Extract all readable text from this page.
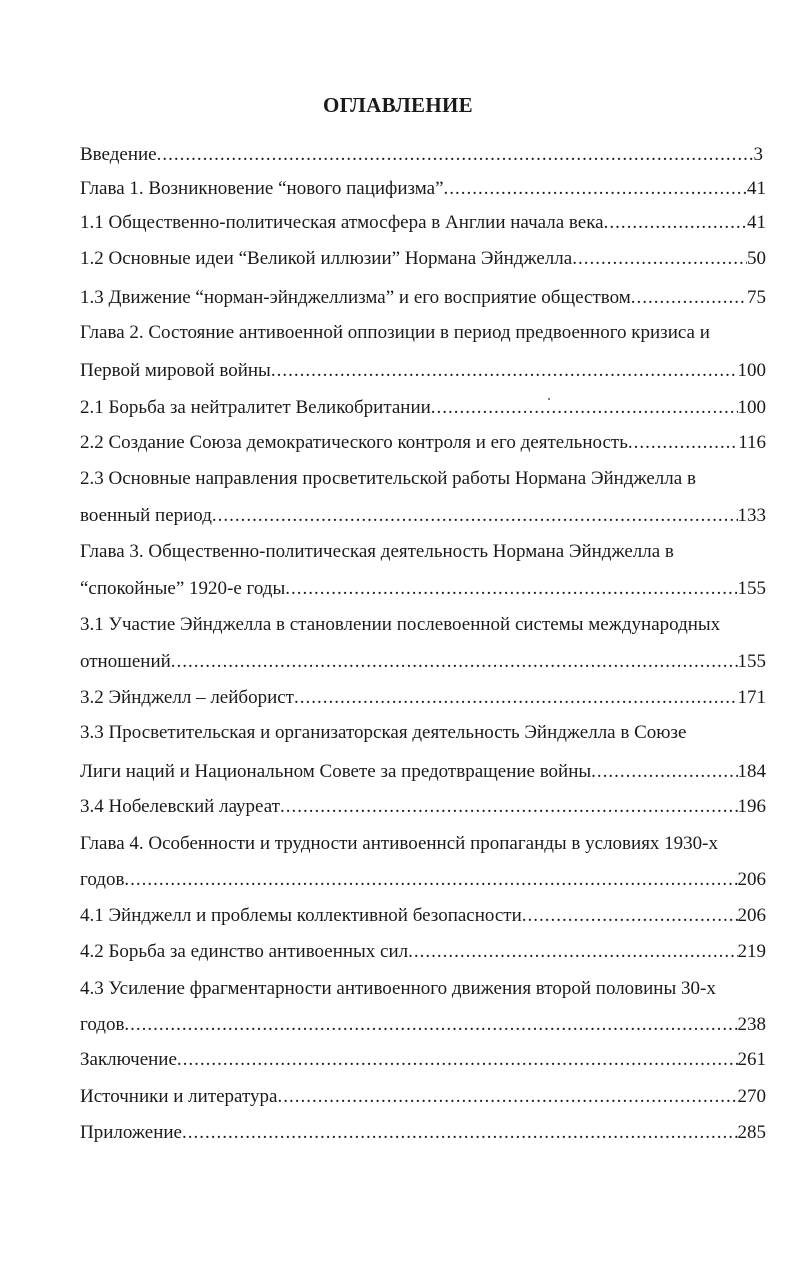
ОГЛАВЛЕНИЕ
Введение .....	3
Глава 1. Возникновение “нового пацифизма” .....	41
1.1 Общественно-политическая атмосфера в Англии начала века .....	41
1.2 Основные идеи “Великой иллюзии” Нормана Эйнджелла .....	50
1.3 Движение “норман-эйнджеллизма” и его восприятие обществом .....	75
Глава 2. Состояние антивоенной оппозиции в период предвоенного кризиса и
Первой мировой войны .....	100
2.1 Борьба за нейтралитет Великобритании .....	100
2.2 Создание Союза демократического контроля и его деятельность .....	116
2.3 Основные направления просветительской работы Нормана Эйнджелла в
военный период .....	133
Глава 3. Общественно-политическая деятельность Нормана Эйнджелла в
“спокойные” 1920-е годы .....	155
3.1 Участие Эйнджелла в становлении послевоенной системы международных
отношений .....	155
3.2 Эйнджелл – лейборист .....	171
3.3 Просветительская и организаторская деятельность Эйнджелла в Союзе
Лиги наций и Национальном Совете за предотвращение войны .....	184
3.4 Нобелевский лауреат .....	196
Глава 4. Особенности и трудности антивоеннсй пропаганды в условиях 1930-х
годов .....	206
4.1 Эйнджелл и проблемы коллективной безопасности .....	206
4.2 Борьба за единство антивоенных сил .....	219
4.3 Усиление фрагментарности антивоенного движения второй половины 30-х
годов .....	238
Заключение .....	261
Источники и литература .....	270
Приложение .....	285
